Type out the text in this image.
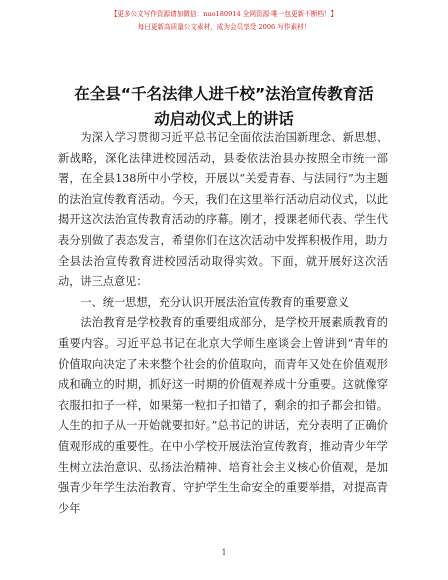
【更多公文写作资源请加微信：nuo180914 全网资源·唯一包更新不断档！】
每日更新高质量公文素材，成为会员享受 2006 写作素材！
在全县“千名法律人进千校”法治宣传教育活
动启动仪式上的讲话

为深入学习贯彻习近平总书记全面依法治国新理念、新思想、新战略，深化法律进校园活动，县委依法治县办按照全市统一部署，在全县138所中小学校，开展以“关爱青春、与法同行”为主题的法治宣传教育活动。今天，我们在这里举行活动启动仪式，以此揭开这次法治宣传教育活动的序幕。刚才，授课老师代表、学生代表分别做了表态发言，希望你们在这次活动中发挥积极作用，助力全县法治宣传教育进校园活动取得实效。下面，就开展好这次活动，讲三点意见：

一、统一思想，充分认识开展法治宣传教育的重要意义

法治教育是学校教育的重要组成部分，是学校开展素质教育的重要内容。习近平总书记在北京大学师生座谈会上曾讲到“青年的价值取向决定了未来整个社会的价值取向，而青年又处在价值观形成和确立的时期，抓好这一时期的价值观养成十分重要。这就像穿衣服扣扣子一样，如果第一粒扣子扣错了，剩余的扣子都会扣错。人生的扣子从一开始就要扣好。”总书记的讲话，充分表明了正确价值观形成的重要性。在中小学校开展法治宣传教育，推动青少年学生树立法治意识、弘扬法治精神、培育社会主义核心价值观，是加强青少年学生法治教育、守护学生生命安全的重要举措，对提高青少年

1
